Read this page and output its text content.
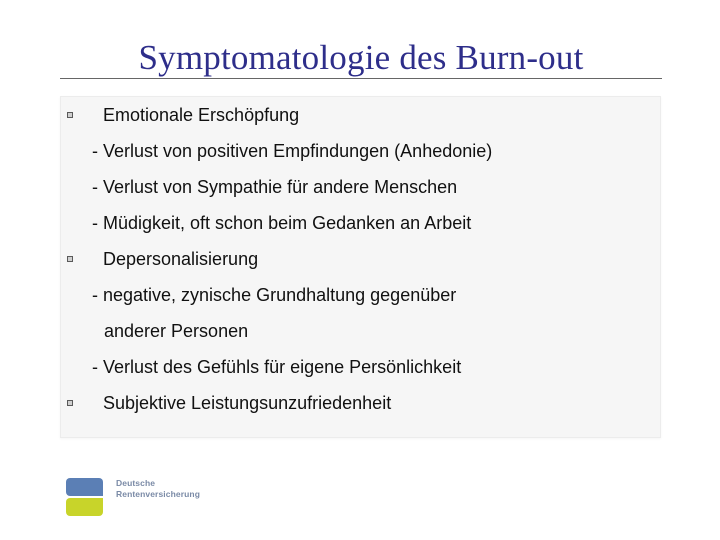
Symptomatologie des Burn-out
Emotionale Erschöpfung
- Verlust von positiven Empfindungen (Anhedonie)
- Verlust von Sympathie für andere Menschen
- Müdigkeit, oft schon beim Gedanken an Arbeit
Depersonalisierung
- negative, zynische Grundhaltung gegenüber
anderer Personen
- Verlust des Gefühls für eigene Persönlichkeit
Subjektive Leistungsunzufriedenheit
Deutsche
Rentenversicherung
